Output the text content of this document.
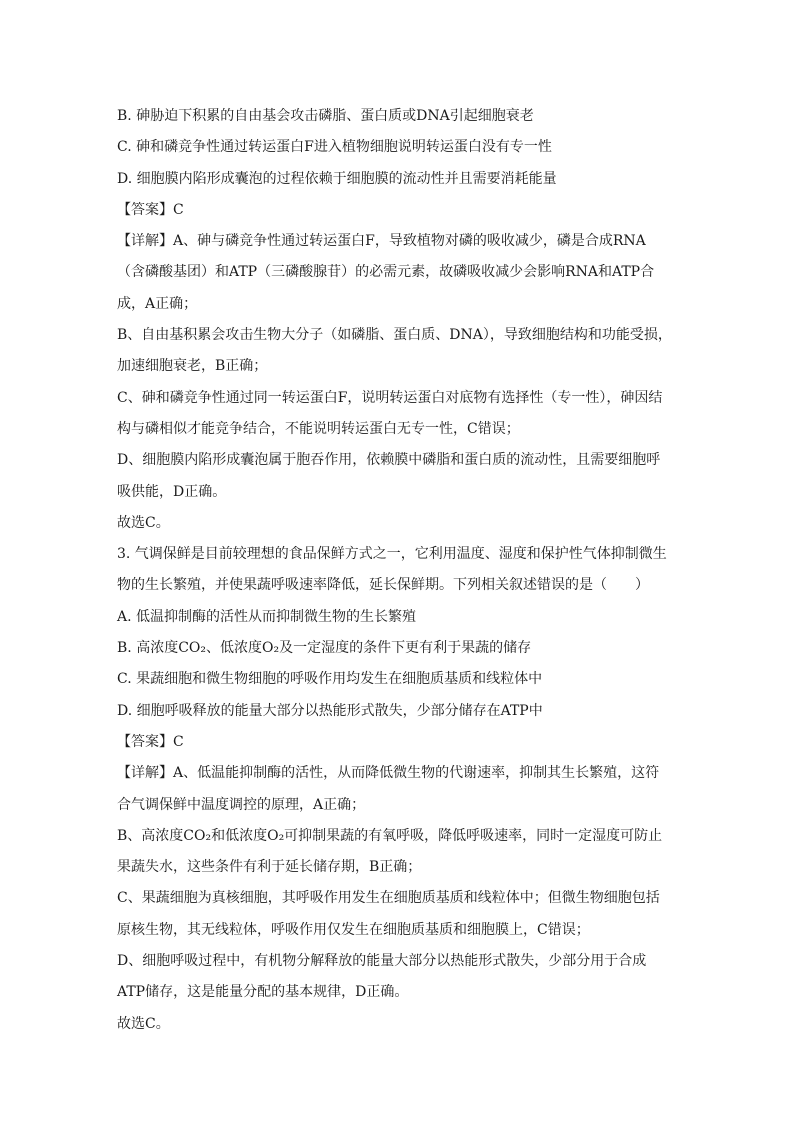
B. 砷胁迫下积累的自由基会攻击磷脂、蛋白质或DNA引起细胞衰老
C. 砷和磷竞争性通过转运蛋白F进入植物细胞说明转运蛋白没有专一性
D. 细胞膜内陷形成囊泡的过程依赖于细胞膜的流动性并且需要消耗能量
【答案】C
【详解】A、砷与磷竞争性通过转运蛋白F，导致植物对磷的吸收减少，磷是合成RNA
（含磷酸基团）和ATP（三磷酸腺苷）的必需元素，故磷吸收减少会影响RNA和ATP合
成，A正确；
B、自由基积累会攻击生物大分子（如磷脂、蛋白质、DNA），导致细胞结构和功能受损，
加速细胞衰老，B正确；
C、砷和磷竞争性通过同一转运蛋白F，说明转运蛋白对底物有选择性（专一性），砷因结
构与磷相似才能竞争结合，不能说明转运蛋白无专一性，C错误；
D、细胞膜内陷形成囊泡属于胞吞作用，依赖膜中磷脂和蛋白质的流动性，且需要细胞呼
吸供能，D正确。
故选C。
3. 气调保鲜是目前较理想的食品保鲜方式之一，它利用温度、湿度和保护性气体抑制微生
物的生长繁殖，并使果蔬呼吸速率降低，延长保鲜期。下列相关叙述错误的是（　　）
A. 低温抑制酶的活性从而抑制微生物的生长繁殖
B. 高浓度CO₂、低浓度O₂及一定湿度的条件下更有利于果蔬的储存
C. 果蔬细胞和微生物细胞的呼吸作用均发生在细胞质基质和线粒体中
D. 细胞呼吸释放的能量大部分以热能形式散失，少部分储存在ATP中
【答案】C
【详解】A、低温能抑制酶的活性，从而降低微生物的代谢速率，抑制其生长繁殖，这符
合气调保鲜中温度调控的原理，A正确；
B、高浓度CO₂和低浓度O₂可抑制果蔬的有氧呼吸，降低呼吸速率，同时一定湿度可防止
果蔬失水，这些条件有利于延长储存期，B正确；
C、果蔬细胞为真核细胞，其呼吸作用发生在细胞质基质和线粒体中；但微生物细胞包括
原核生物，其无线粒体，呼吸作用仅发生在细胞质基质和细胞膜上，C错误；
D、细胞呼吸过程中，有机物分解释放的能量大部分以热能形式散失，少部分用于合成
ATP储存，这是能量分配的基本规律，D正确。
故选C。
